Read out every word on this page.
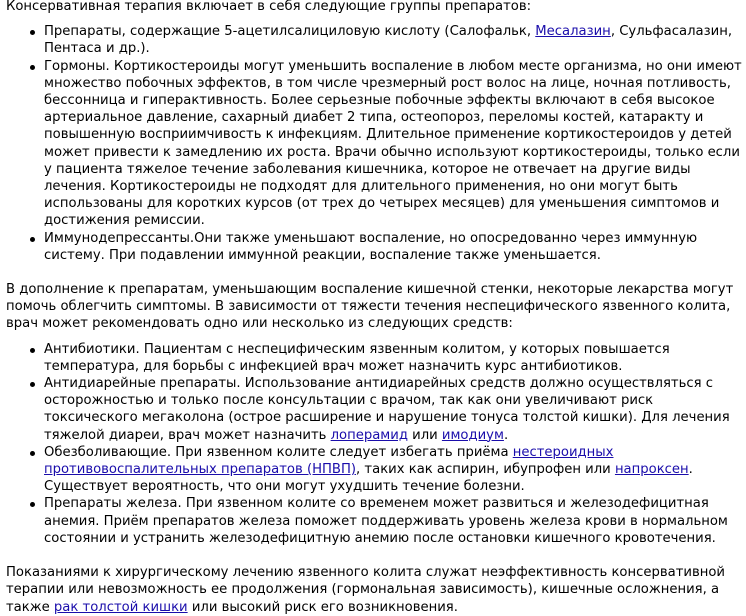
Консервативная терапия включает в себя следующие группы препаратов:

Препараты, содержащие 5-ацетилсалициловую кислоту (Салофальк, Месалазин, Сульфасалазин, Пентаса и др.).
Гормоны. Кортикостероиды могут уменьшить воспаление в любом месте организма, но они имеют множество побочных эффектов, в том числе чрезмерный рост волос на лице, ночная потливость, бессонница и гиперактивность. Более серьезные побочные эффекты включают в себя высокое артериальное давление, сахарный диабет 2 типа, остеопороз, переломы костей, катаракту и повышенную восприимчивость к инфекциям. Длительное применение кортикостероидов у детей может привести к замедлению их роста. Врачи обычно используют кортикостероиды, только если у пациента тяжелое течение заболевания кишечника, которое не отвечает на другие виды лечения. Кортикостероиды не подходят для длительного применения, но они могут быть использованы для коротких курсов (от трех до четырех месяцев) для уменьшения симптомов и достижения ремиссии.
Иммунодепрессанты.Они также уменьшают воспаление, но опосредованно через иммунную систему. При подавлении иммунной реакции, воспаление также уменьшается.

В дополнение к препаратам, уменьшающим воспаление кишечной стенки, некоторые лекарства могут помочь облегчить симптомы. В зависимости от тяжести течения неспецифического язвенного колита, врач может рекомендовать одно или несколько из следующих средств:

Антибиотики. Пациентам с неспецифическим язвенным колитом, у которых повышается температура, для борьбы с инфекцией врач может назначить курс антибиотиков.
Антидиарейные препараты. Использование антидиарейных средств должно осуществляться с осторожностью и только после консультации с врачом, так как они увеличивают риск токсического мегаколона (острое расширение и нарушение тонуса толстой кишки). Для лечения тяжелой диареи, врач может назначить лоперамид или имодиум.
Обезболивающие. При язвенном колите следует избегать приёма нестероидных противовоспалительных препаратов (НПВП), таких как аспирин, ибупрофен или напроксен. Существует вероятность, что они могут ухудшить течение болезни.
Препараты железа. При язвенном колите со временем может развиться и железодефицитная анемия. Приём препаратов железа поможет поддерживать уровень железа крови в нормальном состоянии и устранить железодефицитную анемию после остановки кишечного кровотечения.

Показаниями к хирургическому лечению язвенного колита служат неэффективность консервативной терапии или невозможность ее продолжения (гормональная зависимость), кишечные осложнения, а также рак толстой кишки или высокий риск его возникновения.
